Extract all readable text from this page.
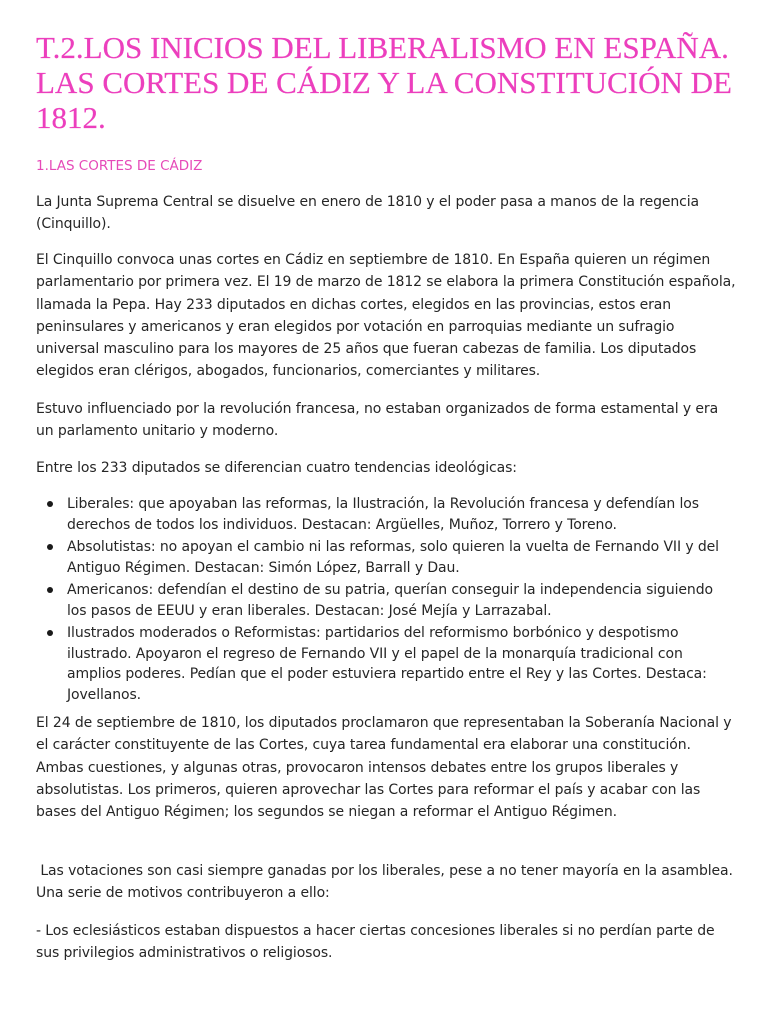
T.2.LOS INICIOS DEL LIBERALISMO EN ESPAÑA. LAS CORTES DE CÁDIZ Y LA CONSTITUCIÓN DE 1812.
1.LAS CORTES DE CÁDIZ

La Junta Suprema Central se disuelve en enero de 1810 y el poder pasa a manos de la regencia (Cinquillo).

El Cinquillo convoca unas cortes en Cádiz en septiembre de 1810. En España quieren un régimen parlamentario por primera vez. El 19 de marzo de 1812 se elabora la primera Constitución española, llamada la Pepa. Hay 233 diputados en dichas cortes, elegidos en las provincias, estos eran peninsulares y americanos y eran elegidos por votación en parroquias mediante un sufragio universal masculino para los mayores de 25 años que fueran cabezas de familia. Los diputados elegidos eran clérigos, abogados, funcionarios, comerciantes y militares.

Estuvo influenciado por la revolución francesa, no estaban organizados de forma estamental y era un parlamento unitario y moderno.

Entre los 233 diputados se diferencian cuatro tendencias ideológicas:

Liberales: que apoyaban las reformas, la Ilustración, la Revolución francesa y defendían los derechos de todos los individuos. Destacan: Argüelles, Muñoz, Torrero y Toreno.
Absolutistas: no apoyan el cambio ni las reformas, solo quieren la vuelta de Fernando VII y del Antiguo Régimen. Destacan: Simón López, Barrall y Dau.
Americanos: defendían el destino de su patria, querían conseguir la independencia siguiendo los pasos de EEUU y eran liberales. Destacan: José Mejía y Larrazabal.
Ilustrados moderados o Reformistas: partidarios del reformismo borbónico y despotismo ilustrado. Apoyaron el regreso de Fernando VII y el papel de la monarquía tradicional con amplios poderes. Pedían que el poder estuviera repartido entre el Rey y las Cortes. Destaca: Jovellanos.

El 24 de septiembre de 1810, los diputados proclamaron que representaban la Soberanía Nacional y el carácter constituyente de las Cortes, cuya tarea fundamental era elaborar una constitución. Ambas cuestiones, y algunas otras, provocaron intensos debates entre los grupos liberales y absolutistas. Los primeros, quieren aprovechar las Cortes para reformar el país y acabar con las bases del Antiguo Régimen; los segundos se niegan a reformar el Antiguo Régimen.

Las votaciones son casi siempre ganadas por los liberales, pese a no tener mayoría en la asamblea. Una serie de motivos contribuyeron a ello:

- Los eclesiásticos estaban dispuestos a hacer ciertas concesiones liberales si no perdían parte de sus privilegios administrativos o religiosos.
